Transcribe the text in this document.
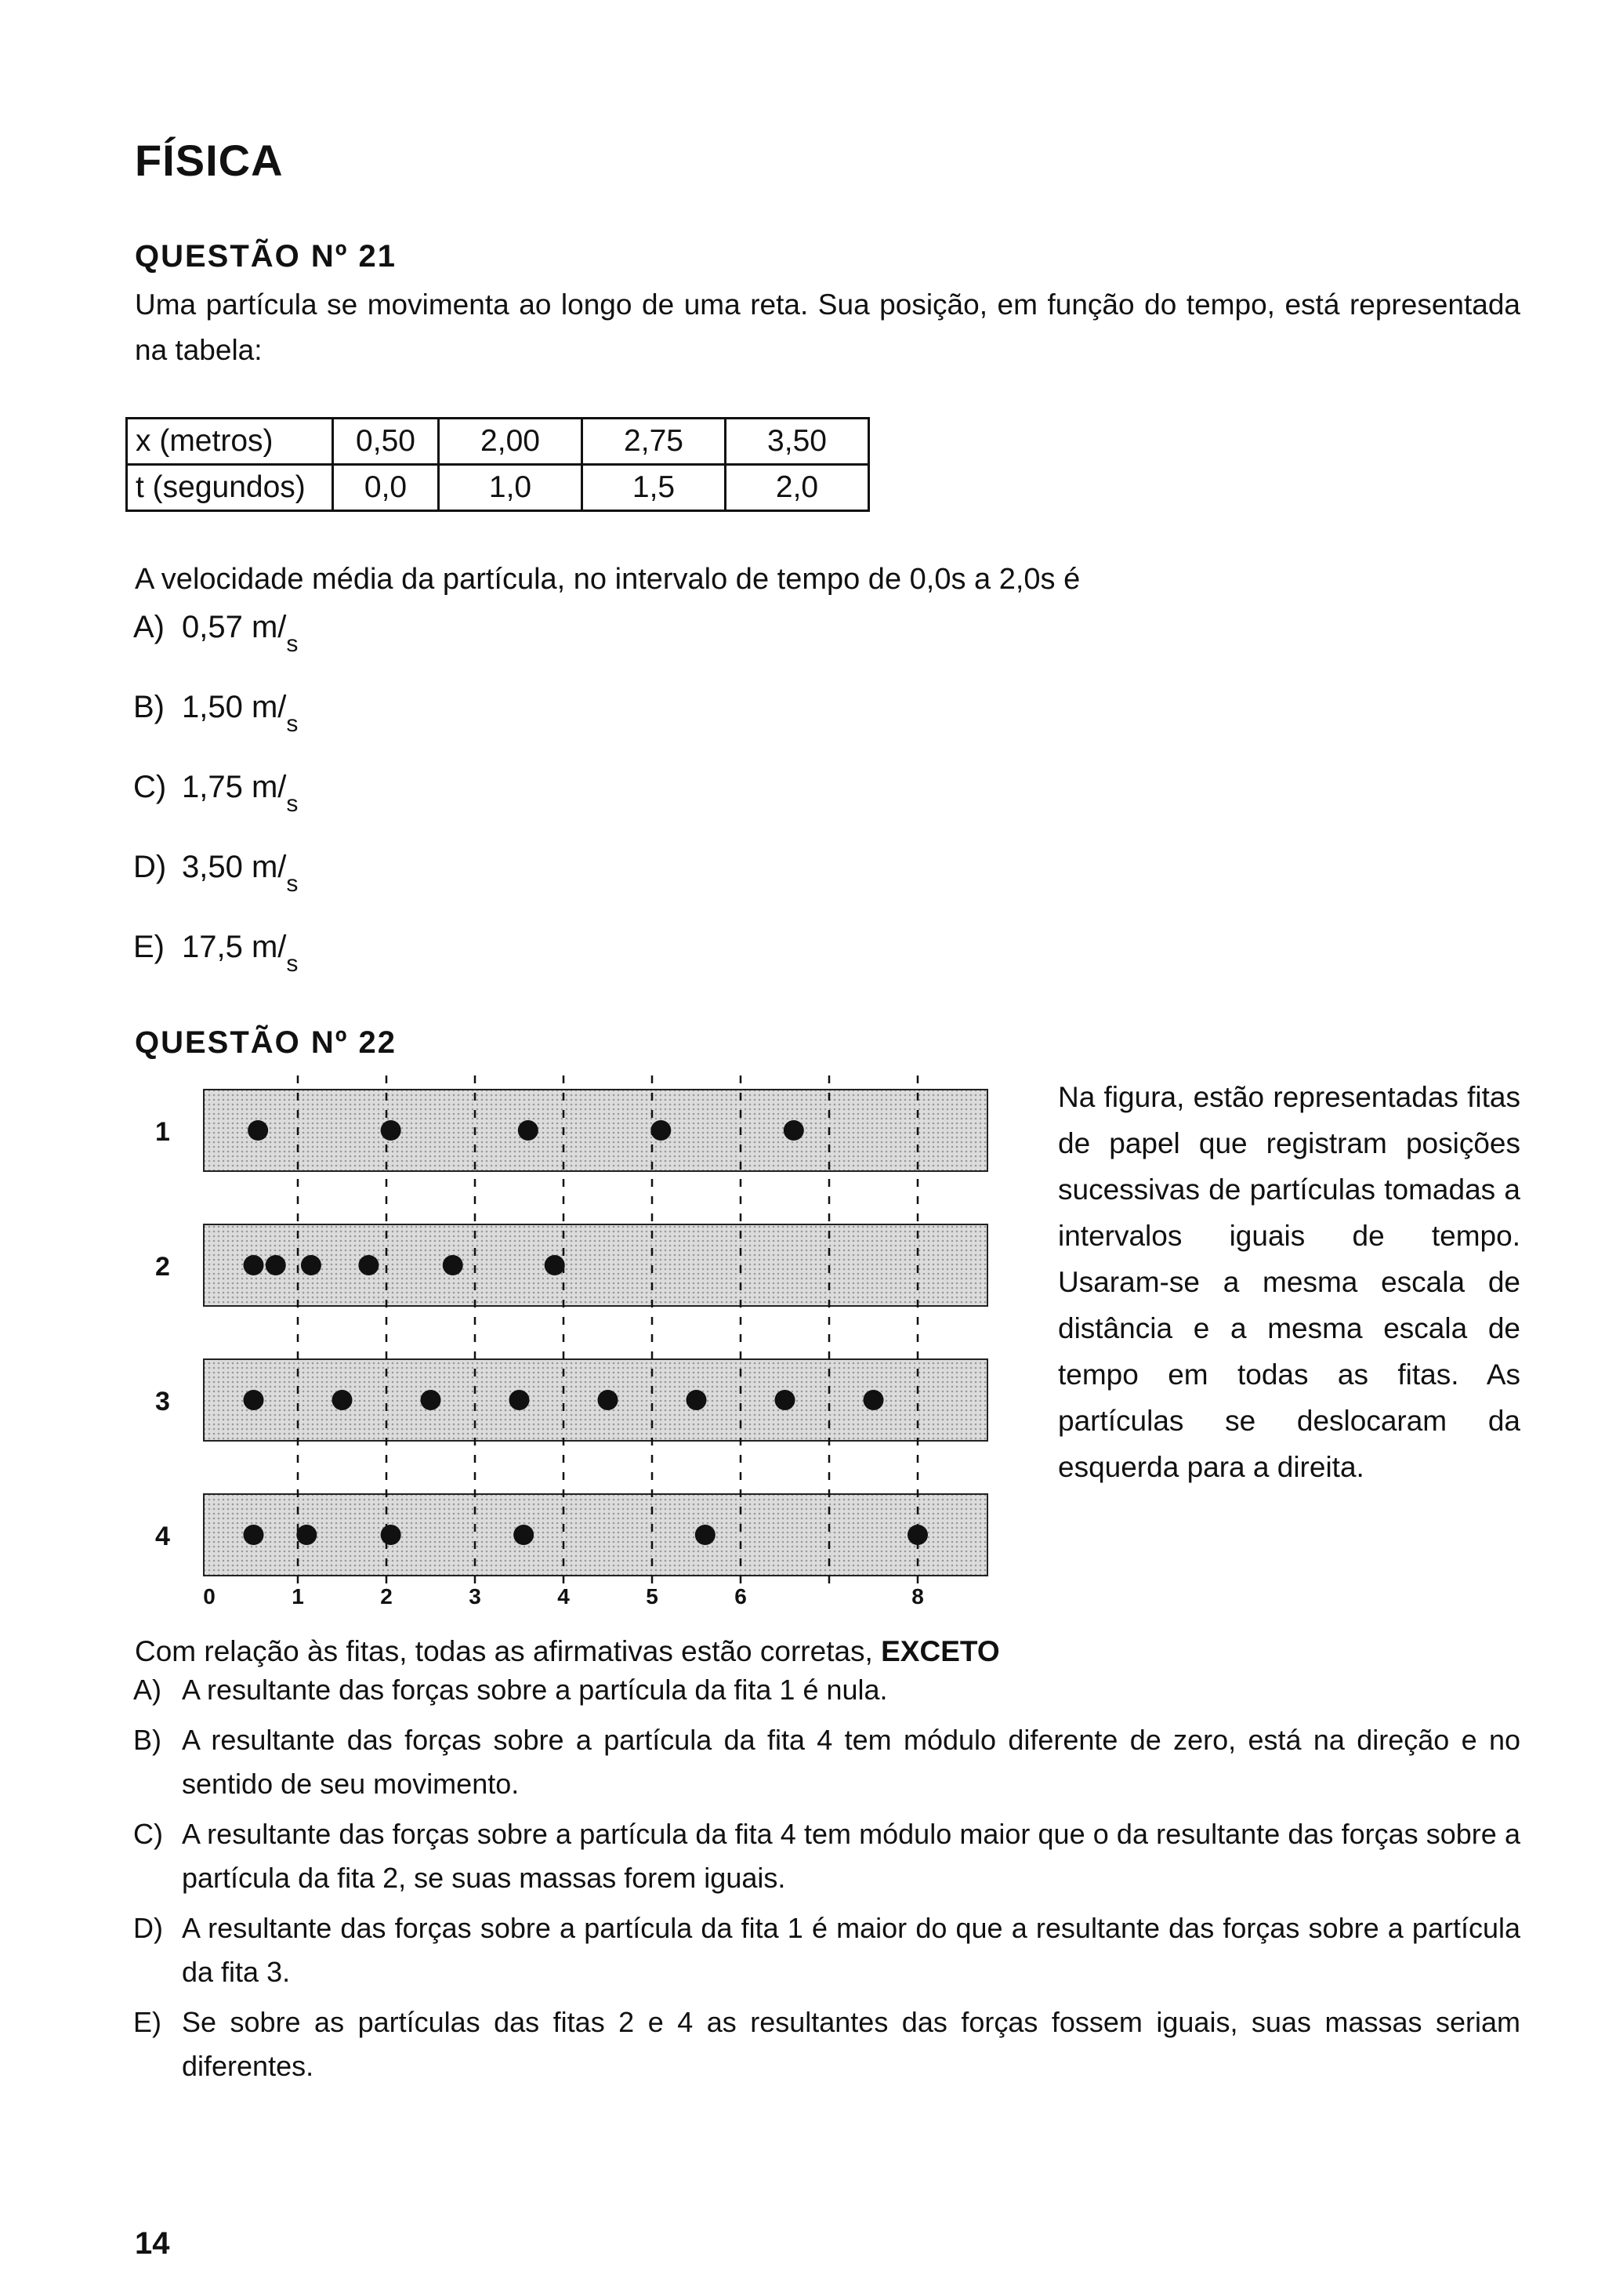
FÍSICA
QUESTÃO Nº 21
Uma partícula se movimenta ao longo de uma reta. Sua posição, em função do tempo, está representada na tabela:
x (metros)	0,50	2,00	2,75	3,50
t (segundos)	0,0	1,0	1,5	2,0
A velocidade média da partícula, no intervalo de tempo de 0,0s a 2,0s é
A) 0,57 $m/_s$
B) 1,50 $m/_s$
C) 1,75 $m/_s$
D) 3,50 $m/_s$
E) 17,5 $m/_s$
QUESTÃO Nº 22
1
2
3
4
0	1	2	3	4	5	6	8
Na figura, estão representadas fitas de papel que registram posições sucessivas de partículas tomadas a intervalos iguais de tempo. Usaram-se a mesma escala de distância e a mesma escala de tempo em todas as fitas. As partículas se deslocaram da esquerda para a direita.
Com relação às fitas, todas as afirmativas estão corretas, EXCETO
A) A resultante das forças sobre a partícula da fita 1 é nula.
B) A resultante das forças sobre a partícula da fita 4 tem módulo diferente de zero, está na direção e no sentido de seu movimento.
C) A resultante das forças sobre a partícula da fita 4 tem módulo maior que o da resultante das forças sobre a partícula da fita 2, se suas massas forem iguais.
D) A resultante das forças sobre a partícula da fita 1 é maior do que a resultante das forças sobre a partícula da fita 3.
E) Se sobre as partículas das fitas 2 e 4 as resultantes das forças fossem iguais, suas massas seriam diferentes.
14
